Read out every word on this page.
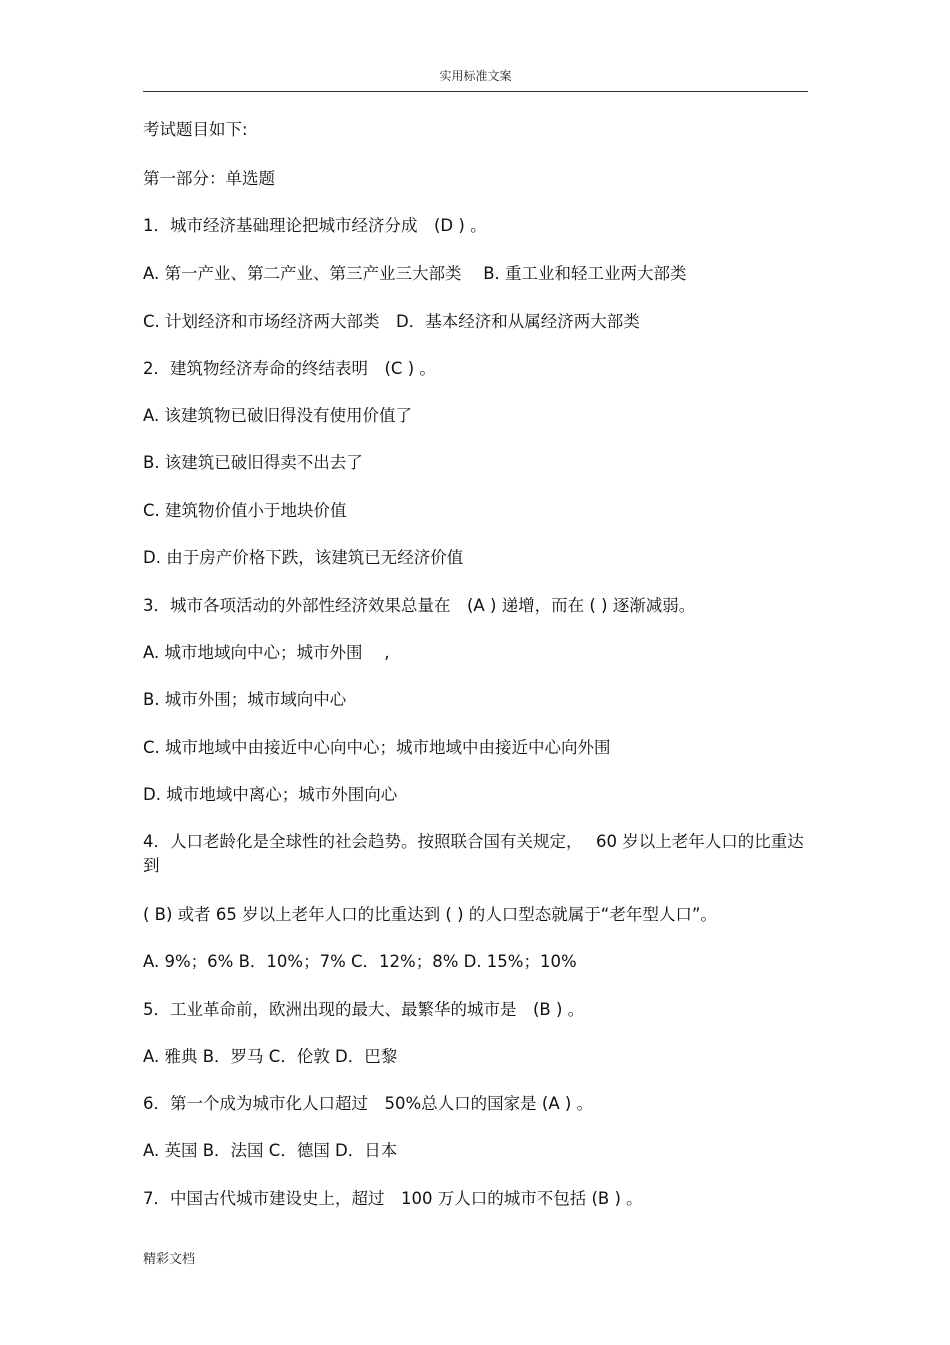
实用标准文案
考试题目如下:
第一部分：单选题
1．城市经济基础理论把城市经济分成　(D ) 。
A. 第一产业、第二产业、第三产业三大部类　 B. 重工业和轻工业两大部类
C. 计划经济和市场经济两大部类　D．基本经济和从属经济两大部类
2．建筑物经济寿命的终结表明　(C ) 。
A. 该建筑物已破旧得没有使用价值了
B. 该建筑已破旧得卖不出去了
C. 建筑物价值小于地块价值
D. 由于房产价格下跌，该建筑已无经济价值
3．城市各项活动的外部性经济效果总量在　(A ) 递增，而在 ( ) 逐渐减弱。
A. 城市地域向中心；城市外围　 ,
B. 城市外围；城市域向中心
C. 城市地域中由接近中心向中心；城市地域中由接近中心向外围
D. 城市地域中离心；城市外围向心
4．人口老龄化是全球性的社会趋势。按照联合国有关规定，　 60 岁以上老年人口的比重达到
( B) 或者 65 岁以上老年人口的比重达到 ( ) 的人口型态就属于“老年型人口”。
A. 9%；6% B．10%；7% C．12%；8% D. 15%；10%
5．工业革命前，欧洲出现的最大、最繁华的城市是　(B ) 。
A. 雅典 B．罗马 C．伦敦 D．巴黎
6．第一个成为城市化人口超过　50%总人口的国家是 (A ) 。
A. 英国 B．法国 C．德国 D．日本
7．中国古代城市建设史上，超过　100 万人口的城市不包括 (B ) 。
精彩文档
